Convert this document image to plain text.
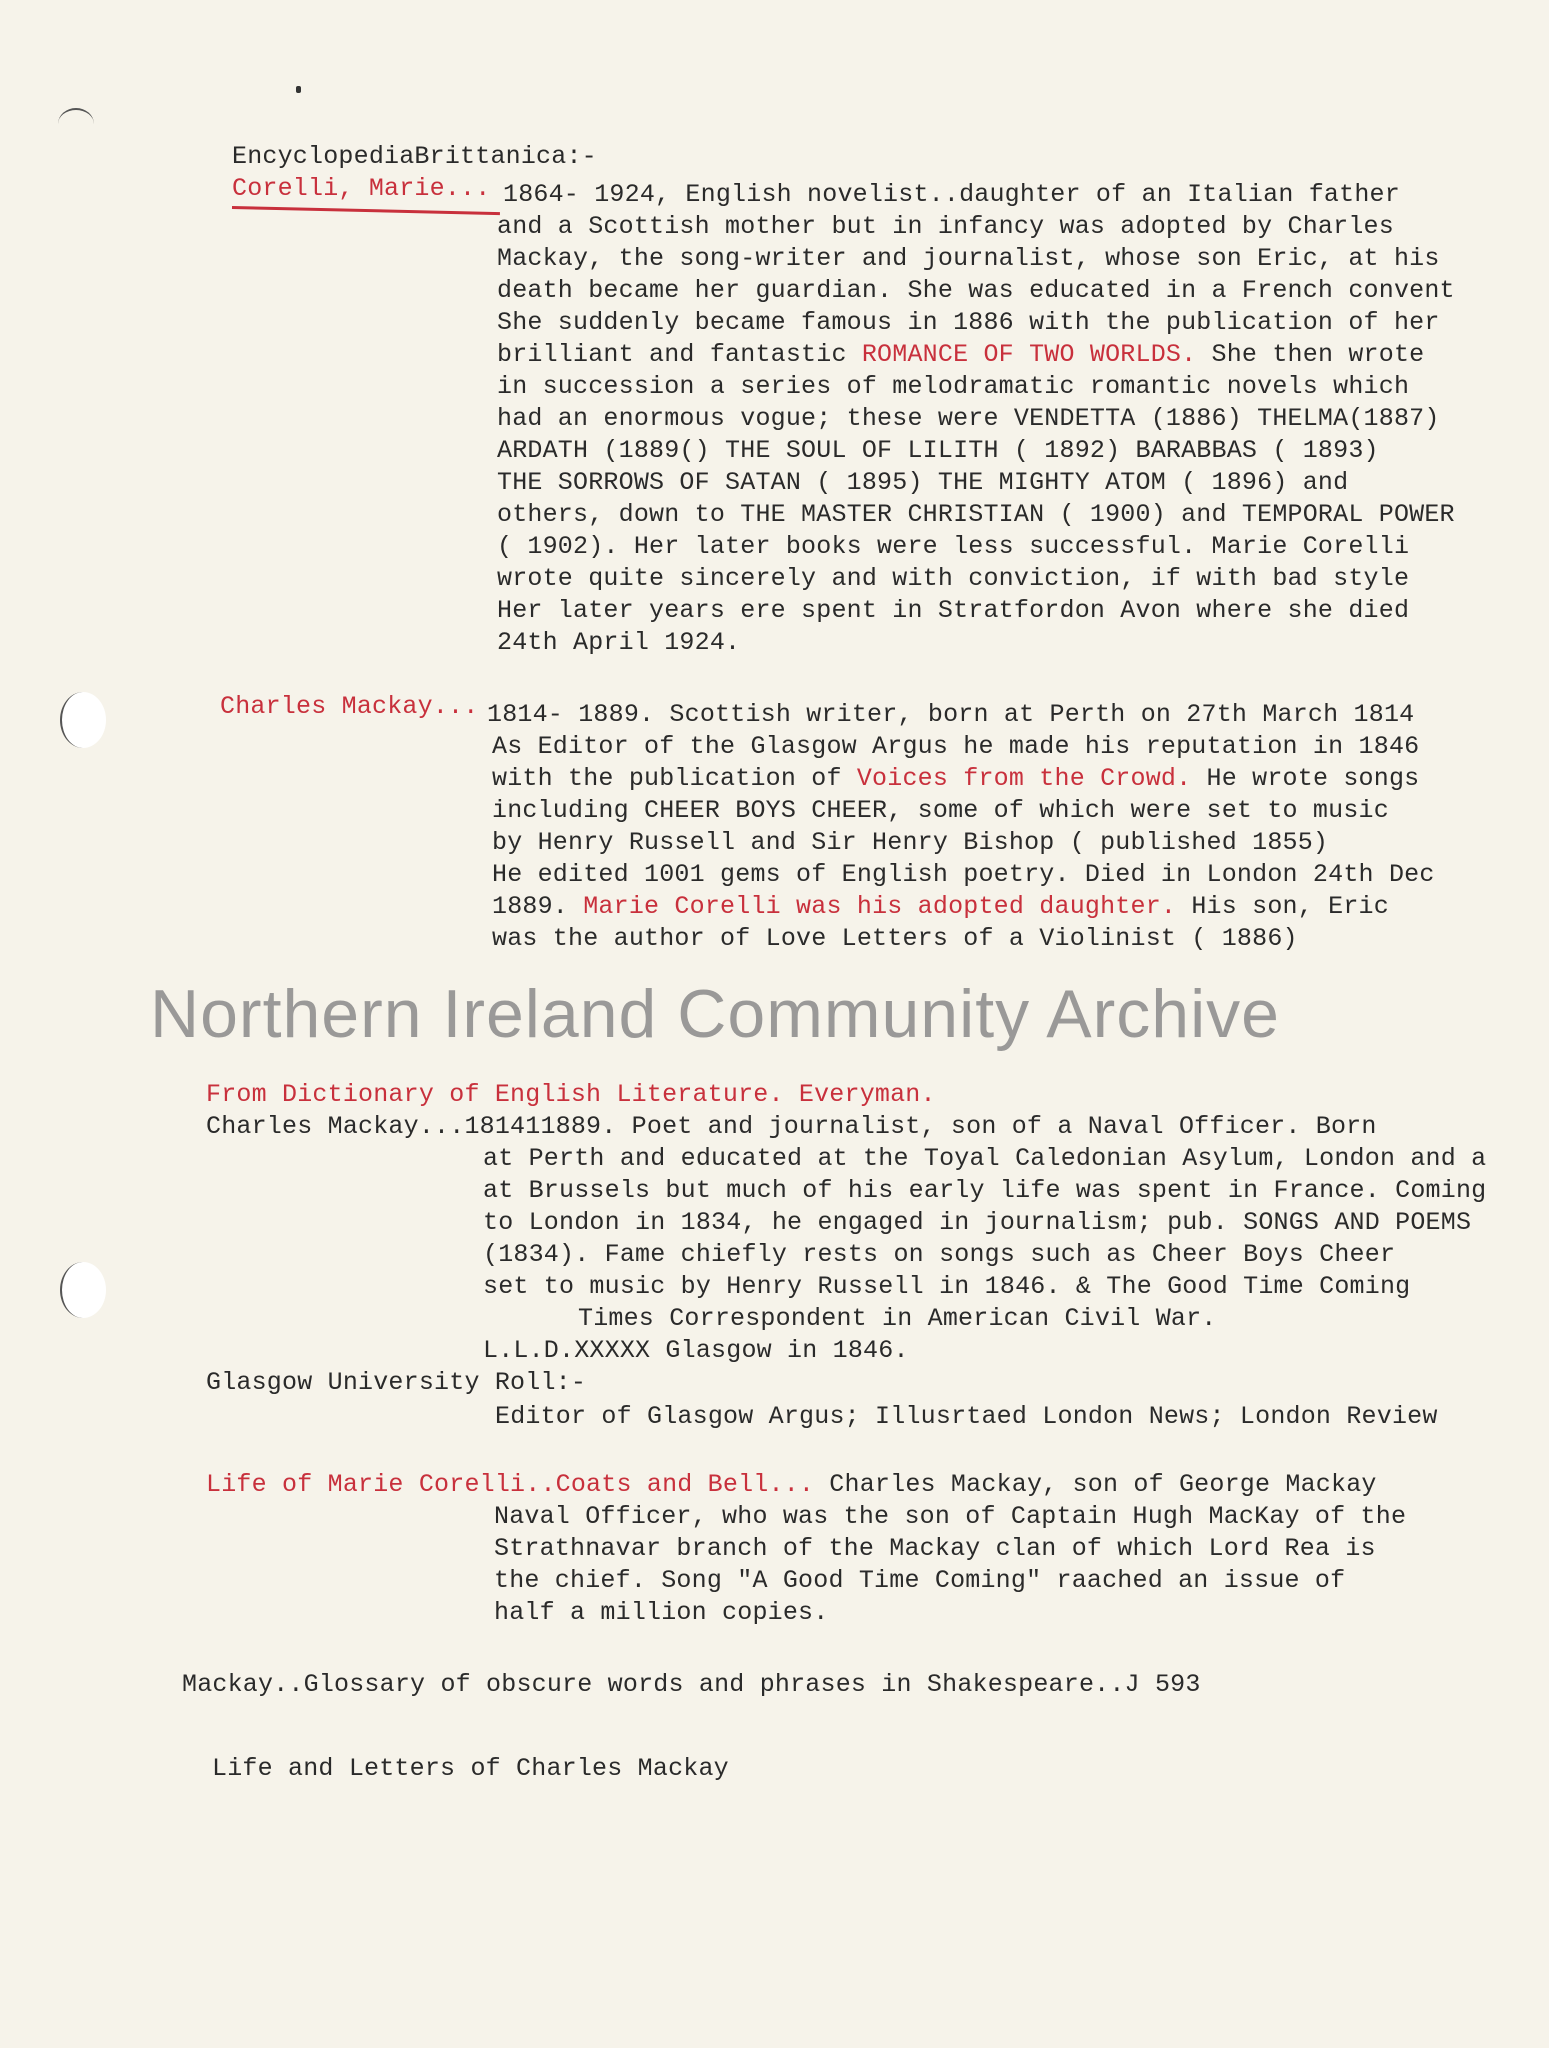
EncyclopediaBrittanica:-
Corelli, Marie... 1864- 1924, English novelist..daughter of an Italian father
and a Scottish mother but in infancy was adopted by Charles
Mackay, the song-writer and journalist, whose son Eric, at his
death became her guardian. She was educated in a French convent
She suddenly became famous in 1886 with the publication of her
brilliant and fantastic ROMANCE OF TWO WORLDS. She then wrote
in succession a series of melodramatic romantic novels which
had an enormous vogue; these were VENDETTA (1886) THELMA(1887)
ARDATH (1889() THE SOUL OF LILITH ( 1892) BARABBAS ( 1893)
THE SORROWS OF SATAN ( 1895) THE MIGHTY ATOM ( 1896) and
others, down to THE MASTER CHRISTIAN ( 1900) and TEMPORAL POWER
( 1902). Her later books were less successful. Marie Corelli
wrote quite sincerely and with conviction, if with bad style
Her later years ere spent in Stratfordon Avon where she died
24th April 1924.
Charles Mackay... 1814- 1889. Scottish writer, born at Perth on 27th March 1814
As Editor of the Glasgow Argus he made his reputation in 1846
with the publication of Voices from the Crowd. He wrote songs
including CHEER BOYS CHEER, some of which were set to music
by Henry Russell and Sir Henry Bishop ( published 1855)
He edited 1001 gems of English poetry. Died in London 24th Dec
1889. Marie Corelli was his adopted daughter. His son, Eric
was the author of Love Letters of a Violinist ( 1886)
Northern Ireland Community Archive
From Dictionary of English Literature. Everyman.
Charles Mackay...181411889. Poet and journalist, son of a Naval Officer. Born
at Perth and educated at the Toyal Caledonian Asylum, London and a
at Brussels but much of his early life was spent in France. Coming
to London in 1834, he engaged in journalism; pub. SONGS AND POEMS
(1834). Fame chiefly rests on songs such as Cheer Boys Cheer
set to music by Henry Russell in 1846. & The Good Time Coming
Times Correspondent in American Civil War.
L.L.D.XXXXX Glasgow in 1846.
Glasgow University Roll:-
Editor of Glasgow Argus; Illusrtaed London News; London Review
Life of Marie Corelli..Coats and Bell... Charles Mackay, son of George Mackay
Naval Officer, who was the son of Captain Hugh MacKay of the
Strathnavar branch of the Mackay clan of which Lord Rea is
the chief. Song "A Good Time Coming" raached an issue of
half a million copies.
Mackay..Glossary of obscure words and phrases in Shakespeare..J 593
Life and Letters of Charles Mackay
